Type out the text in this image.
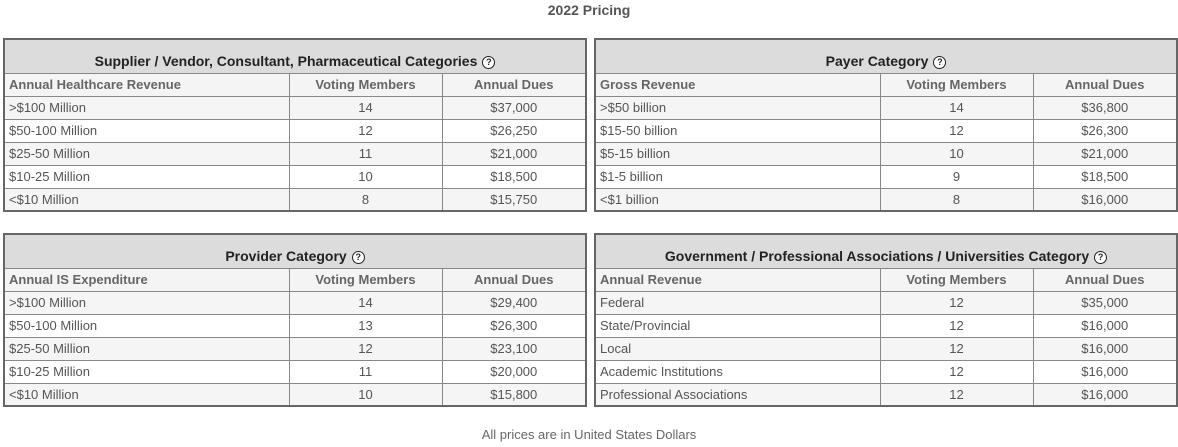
2022 Pricing
Supplier / Vendor, Consultant, Pharmaceutical Categories ?		
Annual Healthcare Revenue	Voting Members	Annual Dues
>$100 Million	14	$37,000
$50-100 Million	12	$26,250
$25-50 Million	11	$21,000
$10-25 Million	10	$18,500
<$10 Million	8	$15,750
Payer Category ?		
Gross Revenue	Voting Members	Annual Dues
>$50 billion	14	$36,800
$15-50 billion	12	$26,300
$5-15 billion	10	$21,000
$1-5 billion	9	$18,500
<$1 billion	8	$16,000
Provider Category ?		
Annual IS Expenditure	Voting Members	Annual Dues
>$100 Million	14	$29,400
$50-100 Million	13	$26,300
$25-50 Million	12	$23,100
$10-25 Million	11	$20,000
<$10 Million	10	$15,800
Government / Professional Associations / Universities Category ?		
Annual Revenue	Voting Members	Annual Dues
Federal	12	$35,000
State/Provincial	12	$16,000
Local	12	$16,000
Academic Institutions	12	$16,000
Professional Associations	12	$16,000
All prices are in United States Dollars
